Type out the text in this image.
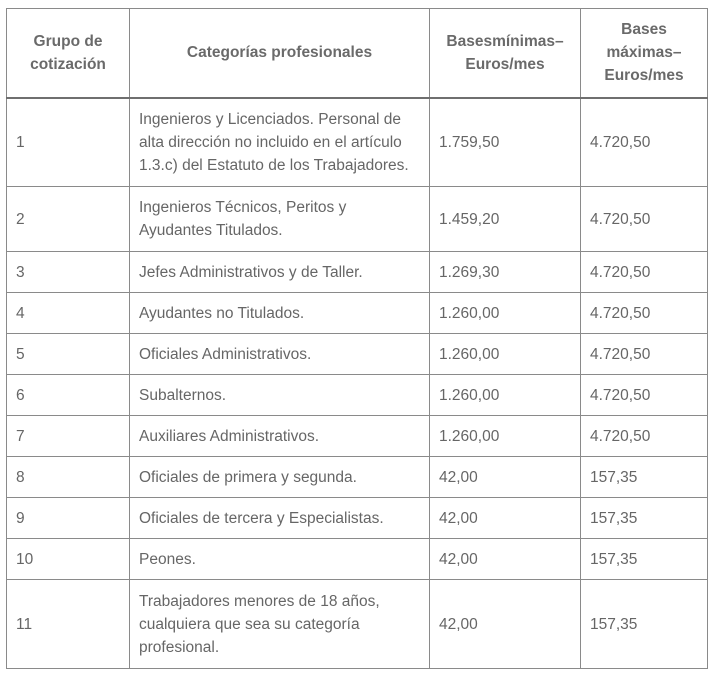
Grupo de cotización	Categorías profesionales	Basesmínimas– Euros/mes	Bases máximas– Euros/mes
1	Ingenieros y Licenciados. Personal de alta dirección no incluido en el artículo 1.3.c) del Estatuto de los Trabajadores.	1.759,50	4.720,50
2	Ingenieros Técnicos, Peritos y Ayudantes Titulados.	1.459,20	4.720,50
3	Jefes Administrativos y de Taller.	1.269,30	4.720,50
4	Ayudantes no Titulados.	1.260,00	4.720,50
5	Oficiales Administrativos.	1.260,00	4.720,50
6	Subalternos.	1.260,00	4.720,50
7	Auxiliares Administrativos.	1.260,00	4.720,50
8	Oficiales de primera y segunda.	42,00	157,35
9	Oficiales de tercera y Especialistas.	42,00	157,35
10	Peones.	42,00	157,35
11	Trabajadores menores de 18 años, cualquiera que sea su categoría profesional.	42,00	157,35
